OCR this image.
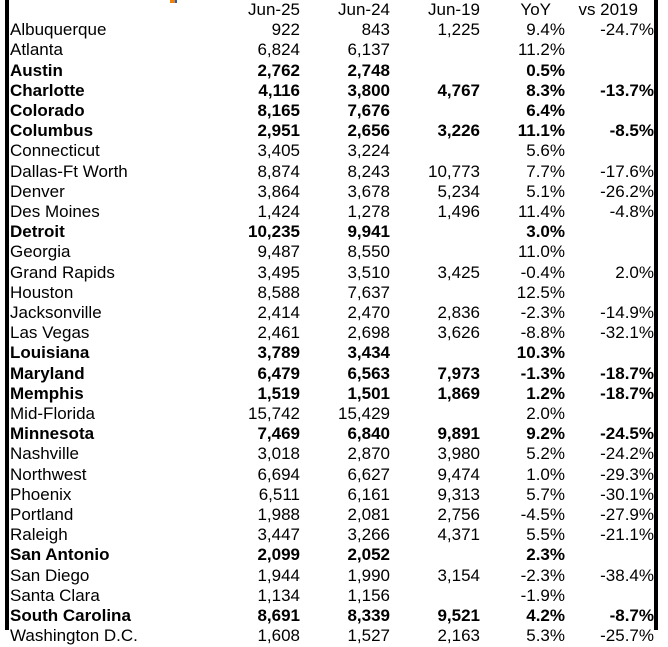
	Jun-25	Jun-24	Jun-19	YoY	vs 2019
Albuquerque	922	843	1,225	9.4%	-24.7%
Atlanta	6,824	6,137		11.2%	
Austin	2,762	2,748		0.5%	
Charlotte	4,116	3,800	4,767	8.3%	-13.7%
Colorado	8,165	7,676		6.4%	
Columbus	2,951	2,656	3,226	11.1%	-8.5%
Connecticut	3,405	3,224		5.6%	
Dallas-Ft Worth	8,874	8,243	10,773	7.7%	-17.6%
Denver	3,864	3,678	5,234	5.1%	-26.2%
Des Moines	1,424	1,278	1,496	11.4%	-4.8%
Detroit	10,235	9,941		3.0%	
Georgia	9,487	8,550		11.0%	
Grand Rapids	3,495	3,510	3,425	-0.4%	2.0%
Houston	8,588	7,637		12.5%	
Jacksonville	2,414	2,470	2,836	-2.3%	-14.9%
Las Vegas	2,461	2,698	3,626	-8.8%	-32.1%
Louisiana	3,789	3,434		10.3%	
Maryland	6,479	6,563	7,973	-1.3%	-18.7%
Memphis	1,519	1,501	1,869	1.2%	-18.7%
Mid-Florida	15,742	15,429		2.0%	
Minnesota	7,469	6,840	9,891	9.2%	-24.5%
Nashville	3,018	2,870	3,980	5.2%	-24.2%
Northwest	6,694	6,627	9,474	1.0%	-29.3%
Phoenix	6,511	6,161	9,313	5.7%	-30.1%
Portland	1,988	2,081	2,756	-4.5%	-27.9%
Raleigh	3,447	3,266	4,371	5.5%	-21.1%
San Antonio	2,099	2,052		2.3%	
San Diego	1,944	1,990	3,154	-2.3%	-38.4%
Santa Clara	1,134	1,156		-1.9%	
South Carolina	8,691	8,339	9,521	4.2%	-8.7%
Washington D.C.	1,608	1,527	2,163	5.3%	-25.7%
